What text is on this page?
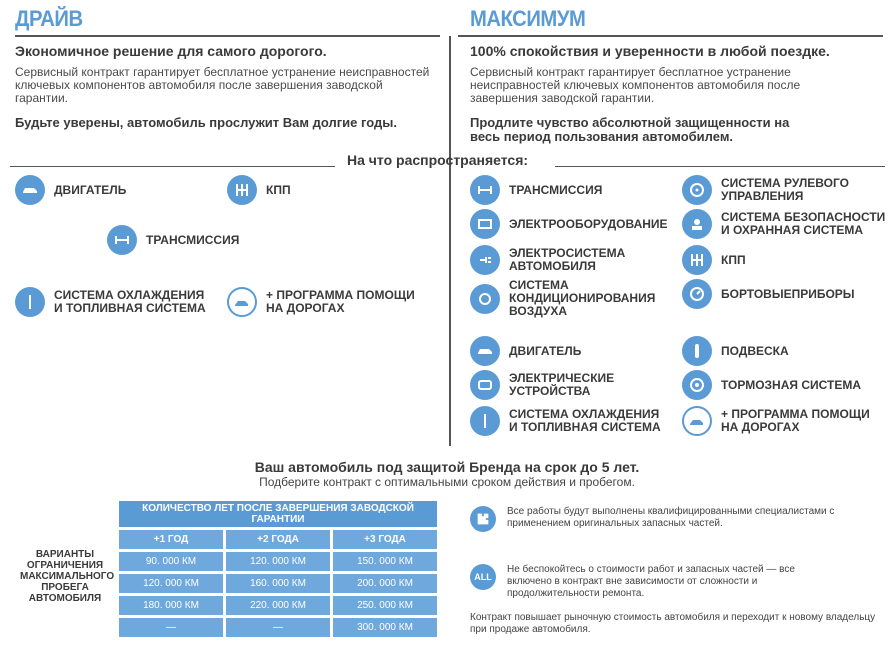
ДРАЙВ
Экономичное решение для самого дорогого.
Сервисный контракт гарантирует бесплатное устранение неисправностей ключевых компонентов автомобиля после завершения заводской гарантии.
Будьте уверены, автомобиль прослужит Вам долгие годы.
МАКСИМУМ
100% спокойствия и уверенности в любой поездке.
Сервисный контракт гарантирует бесплатное устранение неисправностей ключевых компонентов автомобиля после завершения заводской гарантии.
Продлите чувство абсолютной защищенности на весь период пользования автомобилем.
На что распространяется:
ДВИГАТЕЛЬ	КПП
ТРАНСМИССИЯ
СИСТЕМА ОХЛАЖДЕНИЯ И ТОПЛИВНАЯ СИСТЕМА
+ ПРОГРАММА ПОМОЩИ НА ДОРОГАХ
ТРАНСМИССИЯ
ЭЛЕКТРООБОРУДОВАНИЕ
ЭЛЕКТРОСИСТЕМА АВТОМОБИЛЯ
СИСТЕМА КОНДИЦИОНИРОВАНИЯ ВОЗДУХА
ДВИГАТЕЛЬ
ЭЛЕКТРИЧЕСКИЕ УСТРОЙСТВА
СИСТЕМА ОХЛАЖДЕНИЯ И ТОПЛИВНАЯ СИСТЕМА
СИСТЕМА РУЛЕВОГО УПРАВЛЕНИЯ
СИСТЕМА БЕЗОПАСНОСТИ И ОХРАННАЯ СИСТЕМА
КПП
БОРТОВЫЕПРИБОРЫ
ПОДВЕСКА
ТОРМОЗНАЯ СИСТЕМА
+ ПРОГРАММА ПОМОЩИ НА ДОРОГАХ
Ваш автомобиль под защитой Бренда на срок до 5 лет.
Подберите контракт с оптимальными сроком действия и пробегом.
ВАРИАНТЫ ОГРАНИЧЕНИЯ МАКСИМАЛЬНОГО ПРОБЕГА АВТОМОБИЛЯ
КОЛИЧЕСТВО ЛЕТ ПОСЛЕ ЗАВЕРШЕНИЯ ЗАВОДСКОЙ ГАРАНТИИ		

+1 ГОД	+2 ГОДА	+3 ГОДА
90. 000 КМ	120. 000 КМ	150. 000 КМ
120. 000 КМ	160. 000 КМ	200. 000 КМ
180. 000 КМ	220. 000 КМ	250. 000 КМ
—	—	300. 000 КМ
Все работы будут выполнены квалифицированными специалистами с применением оригинальных запасных частей.
ALL
Не беспокойтесь о стоимости работ и запасных частей — все включено в контракт вне зависимости от сложности и продолжительности ремонта.
Контракт повышает рыночную стоимость автомобиля и переходит к новому владельцу при продаже автомобиля.
